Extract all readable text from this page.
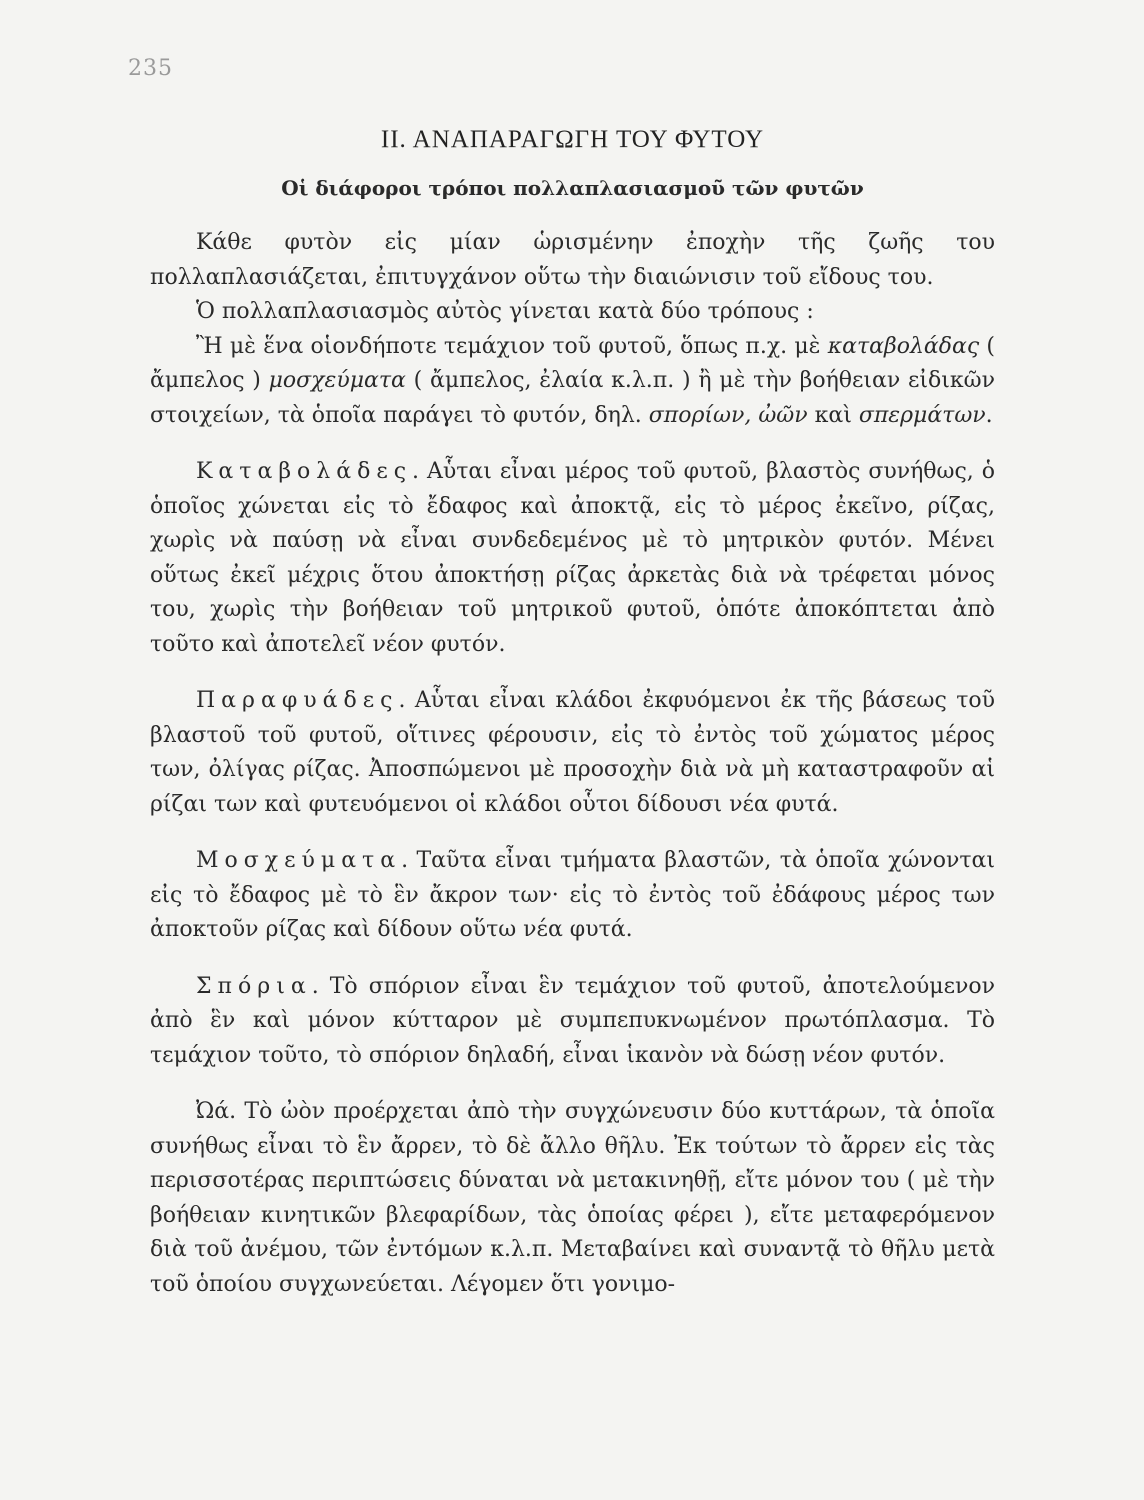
235
ΙΙ. ΑΝΑΠΑΡΑΓΩΓΗ ΤΟΥ ΦΥΤΟΥ
Οἱ διάφοροι τρόποι πολλαπλασιασμοῦ τῶν φυτῶν

Κάθε φυτὸν εἰς μίαν ὡρισμένην ἐποχὴν τῆς ζωῆς του πολλαπλασιάζεται, ἐπιτυγχάνον οὕτω τὴν διαιώνισιν τοῦ εἴδους του.

Ὁ πολλαπλασιασμὸς αὐτὸς γίνεται κατὰ δύο τρόπους :

Ἢ μὲ ἕνα οἱονδήποτε τεμάχιον τοῦ φυτοῦ, ὅπως π.χ. μὲ καταβολάδας ( ἄμπελος ) μοσχεύματα ( ἄμπελος, ἐλαία κ.λ.π. ) ἢ μὲ τὴν βοήθειαν εἰδικῶν στοιχείων, τὰ ὁποῖα παράγει τὸ φυτόν, δηλ. σπορίων, ὠῶν καὶ σπερμάτων.

Καταβολάδες. Αὗται εἶναι μέρος τοῦ φυτοῦ, βλαστὸς συνήθως, ὁ ὁποῖος χώνεται εἰς τὸ ἔδαφος καὶ ἀποκτᾷ, εἰς τὸ μέρος ἐκεῖνο, ρίζας, χωρὶς νὰ παύσῃ νὰ εἶναι συνδεδεμένος μὲ τὸ μητρικὸν φυτόν. Μένει οὕτως ἐκεῖ μέχρις ὅτου ἀποκτήσῃ ρίζας ἀρκετὰς διὰ νὰ τρέφεται μόνος του, χωρὶς τὴν βοήθειαν τοῦ μητρικοῦ φυτοῦ, ὁπότε ἀποκόπτεται ἀπὸ τοῦτο καὶ ἀποτελεῖ νέον φυτόν.

Παραφυάδες. Αὗται εἶναι κλάδοι ἐκφυόμενοι ἐκ τῆς βάσεως τοῦ βλαστοῦ τοῦ φυτοῦ, οἵτινες φέρουσιν, εἰς τὸ ἐντὸς τοῦ χώματος μέρος των, ὀλίγας ρίζας. Ἀποσπώμενοι μὲ προσοχὴν διὰ νὰ μὴ καταστραφοῦν αἱ ρίζαι των καὶ φυτευόμενοι οἱ κλάδοι οὗτοι δίδουσι νέα φυτά.

Μοσχεύματα. Ταῦτα εἶναι τμήματα βλαστῶν, τὰ ὁποῖα χώνονται εἰς τὸ ἔδαφος μὲ τὸ ἓν ἄκρον των· εἰς τὸ ἐντὸς τοῦ ἐδάφους μέρος των ἀποκτοῦν ρίζας καὶ δίδουν οὕτω νέα φυτά.

Σπόρια. Τὸ σπόριον εἶναι ἓν τεμάχιον τοῦ φυτοῦ, ἀποτελούμενον ἀπὸ ἓν καὶ μόνον κύτταρον μὲ συμπεπυκνωμένον πρωτόπλασμα. Τὸ τεμάχιον τοῦτο, τὸ σπόριον δηλαδή, εἶναι ἱκανὸν νὰ δώσῃ νέον φυτόν.

Ὠά. Τὸ ὠὸν προέρχεται ἀπὸ τὴν συγχώνευσιν δύο κυττάρων, τὰ ὁποῖα συνήθως εἶναι τὸ ἓν ἄρρεν, τὸ δὲ ἄλλο θῆλυ. Ἐκ τούτων τὸ ἄρρεν εἰς τὰς περισσοτέρας περιπτώσεις δύναται νὰ μετακινηθῇ, εἴτε μόνον του ( μὲ τὴν βοήθειαν κινητικῶν βλεφαρίδων, τὰς ὁποίας φέρει ), εἴτε μεταφερόμενον διὰ τοῦ ἀνέμου, τῶν ἐντόμων κ.λ.π. Μεταβαίνει καὶ συναντᾷ τὸ θῆλυ μετὰ τοῦ ὁποίου συγχωνεύεται. Λέγομεν ὅτι γονιμο-
